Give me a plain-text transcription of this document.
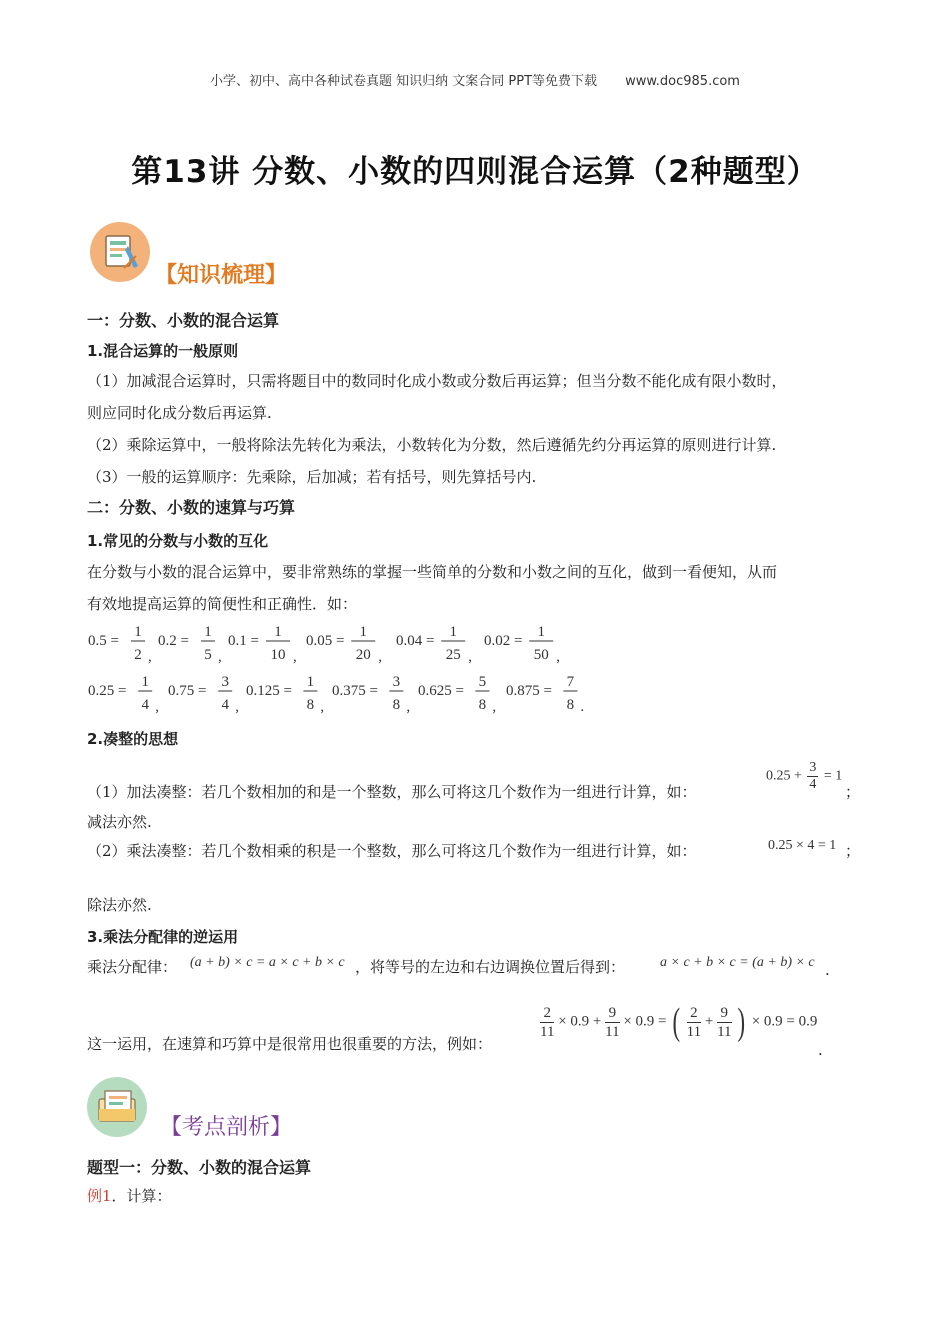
小学、初中、高中各种试卷真题 知识归纳 文案合同 PPT等免费下载 www.doc985.com
第13讲 分数、小数的四则混合运算（2种题型）
【知识梳理】
一：分数、小数的混合运算
1.混合运算的一般原则
（1）加减混合运算时，只需将题目中的数同时化成小数或分数后再运算；但当分数不能化成有限小数时，
则应同时化成分数后再运算.
（2）乘除运算中，一般将除法先转化为乘法，小数转化为分数，然后遵循先约分再运算的原则进行计算.
（3）一般的运算顺序：先乘除，后加减；若有括号，则先算括号内.
二：分数、小数的速算与巧算
1.常见的分数与小数的互化
在分数与小数的混合运算中，要非常熟练的掌握一些简单的分数和小数之间的互化，做到一看便知，从而
有效地提高运算的简便性和正确性．如：
0.5 =
1
2 ,
0.2 =
1
5 ,
0.1 =
1
10 ,
0.05 =
1
20 ,
0.04 =
1
25 ,
0.02 =
1
50 ,
0.25 =
1
4 ,
0.75 =
3
4 ,
0.125 =
1
8 ,
0.375 =
3
8 ,
0.625 =
5
8 ,
0.875 =
7
8 .
2.凑整的思想
（1）加法凑整：若几个数相加的和是一个整数，那么可将这几个数作为一组进行计算，如：
$0.25 + \frac{3}{4} = 1$
；
减法亦然.
（2）乘法凑整：若几个数相乘的积是一个整数，那么可将这几个数作为一组进行计算，如：	0.25 × 4 = 1 ；
除法亦然.
3.乘法分配律的逆运用
乘法分配律： (a + b) × c = a × c + b × c ，将等号的左边和右边调换位置后得到： a × c + b × c = (a + b) × c .
这一运用，在速算和巧算中是很常用也很重要的方法，例如：
$\frac{2}{11} \times 0.9 + \frac{9}{11} \times 0.9$ = ( $\frac{2}{11} + \frac{9}{11}$ ) × 0.9 = 0.9
.
【考点剖析】
题型一：分数、小数的混合运算
例1．计算：
